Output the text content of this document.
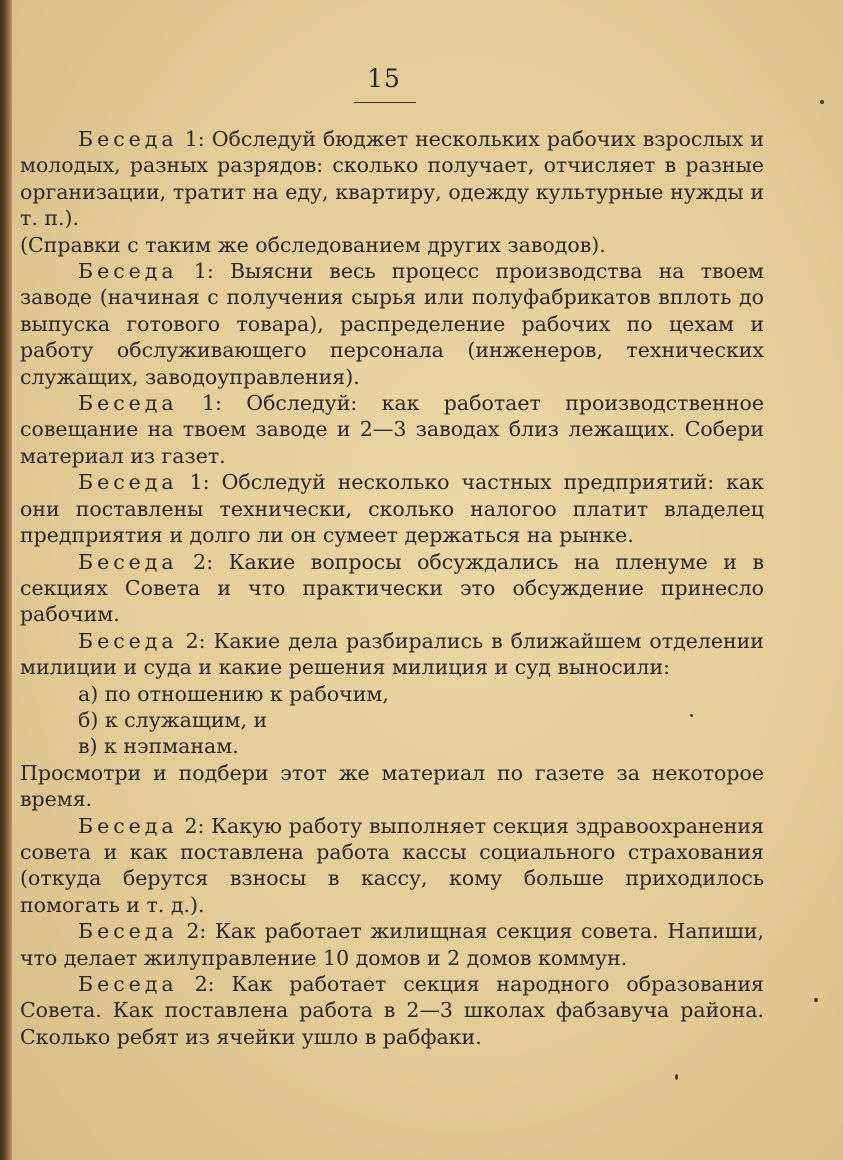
15

Беседа 1: Обследуй бюджет нескольких рабочих взрослых и молодых, разных разрядов: сколько получает, отчисляет в разные организации, тратит на еду, квартиру, одежду культурные нужды и т. п.).

(Справки с таким же обследованием других заводов).

Беседа 1: Выясни весь процесс производства на твоем заводе (начиная с получения сырья или полуфабрикатов вплоть до выпуска готового товара), распределение рабочих по цехам и работу обслуживающего персонала (инженеров, технических служащих, заводоуправления).

Беседа 1: Обследуй: как работает производственное совещание на твоем заводе и 2—3 заводах близ лежащих. Собери материал из газет.

Беседа 1: Обследуй несколько частных предприятий: как они поставлены технически, сколько налогоо платит владелец предприятия и долго ли он сумеет держаться на рынке.

Беседа 2: Какие вопросы обсуждались на пленуме и в секциях Совета и что практически это обсуждение принесло рабочим.

Беседа 2: Какие дела разбирались в ближайшем отделении милиции и суда и какие решения милиция и суд выносили:

а) по отношению к рабочим,

б) к служащим, и

в) к нэпманам.

Просмотри и подбери этот же материал по газете за некоторое время.

Беседа 2: Какую работу выполняет секция здравоохранения совета и как поставлена работа кассы социального страхования (откуда берутся взносы в кассу, кому больше приходилось помогать и т. д.).

Беседа 2: Как работает жилищная секция совета. Напиши, что делает жилуправление 10 домов и 2 домов коммун.

Беседа 2: Как работает секция народного образования Совета. Как поставлена работа в 2—3 школах фабзавуча района. Сколько ребят из ячейки ушло в рабфаки.
